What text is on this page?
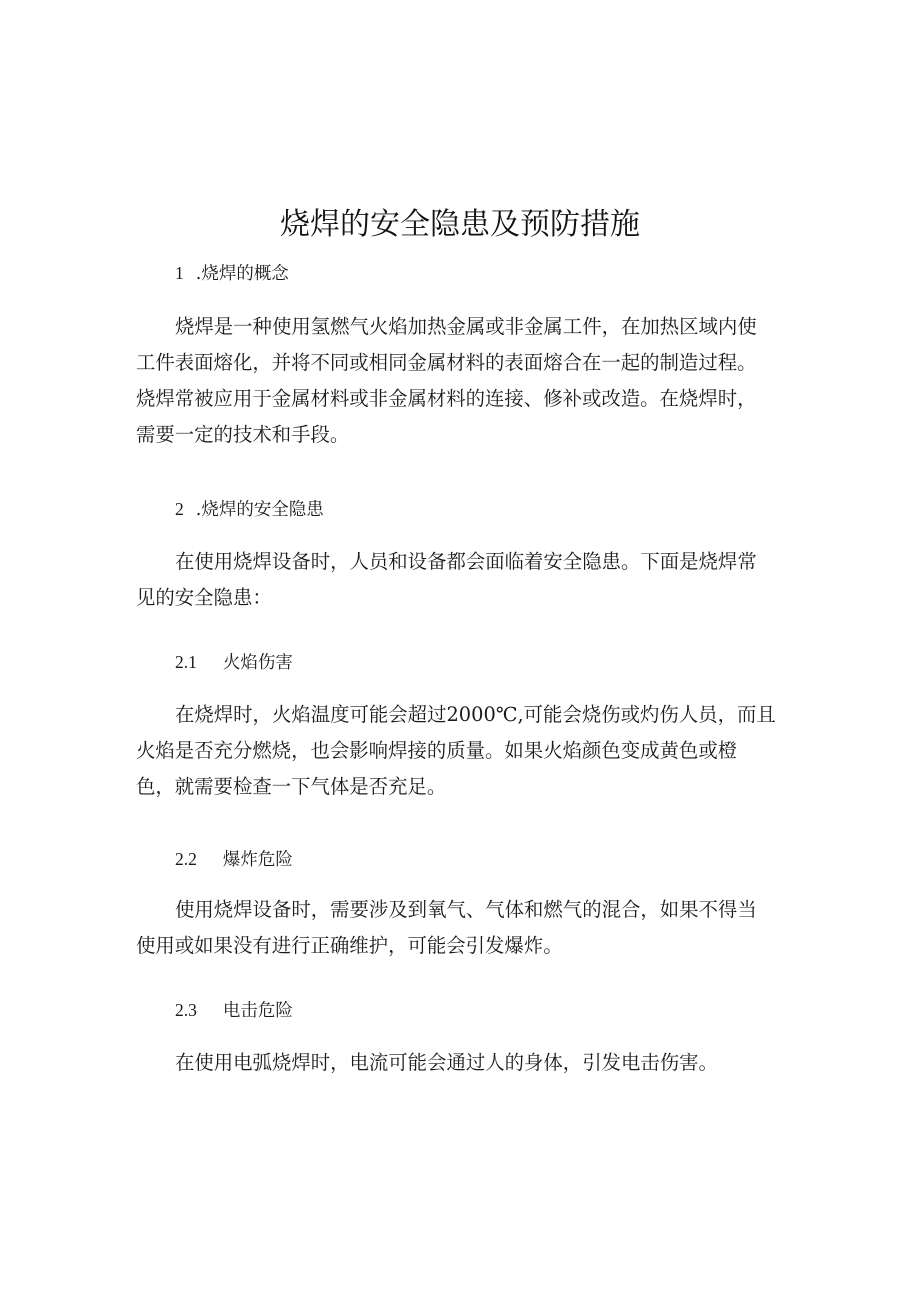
烧焊的安全隐患及预防措施
1 .烧焊的概念
烧焊是一种使用氢燃气火焰加热金属或非金属工件，在加热区域内使
工件表面熔化，并将不同或相同金属材料的表面熔合在一起的制造过程。
烧焊常被应用于金属材料或非金属材料的连接、修补或改造。在烧焊时，
需要一定的技术和手段。
2 .烧焊的安全隐患
在使用烧焊设备时，人员和设备都会面临着安全隐患。下面是烧焊常
见的安全隐患：
2.1 火焰伤害
在烧焊时，火焰温度可能会超过2000℃,可能会烧伤或灼伤人员，而且
火焰是否充分燃烧，也会影响焊接的质量。如果火焰颜色变成黄色或橙
色，就需要检查一下气体是否充足。
2.2 爆炸危险
使用烧焊设备时，需要涉及到氧气、气体和燃气的混合，如果不得当
使用或如果没有进行正确维护，可能会引发爆炸。
2.3 电击危险
在使用电弧烧焊时，电流可能会通过人的身体，引发电击伤害。
